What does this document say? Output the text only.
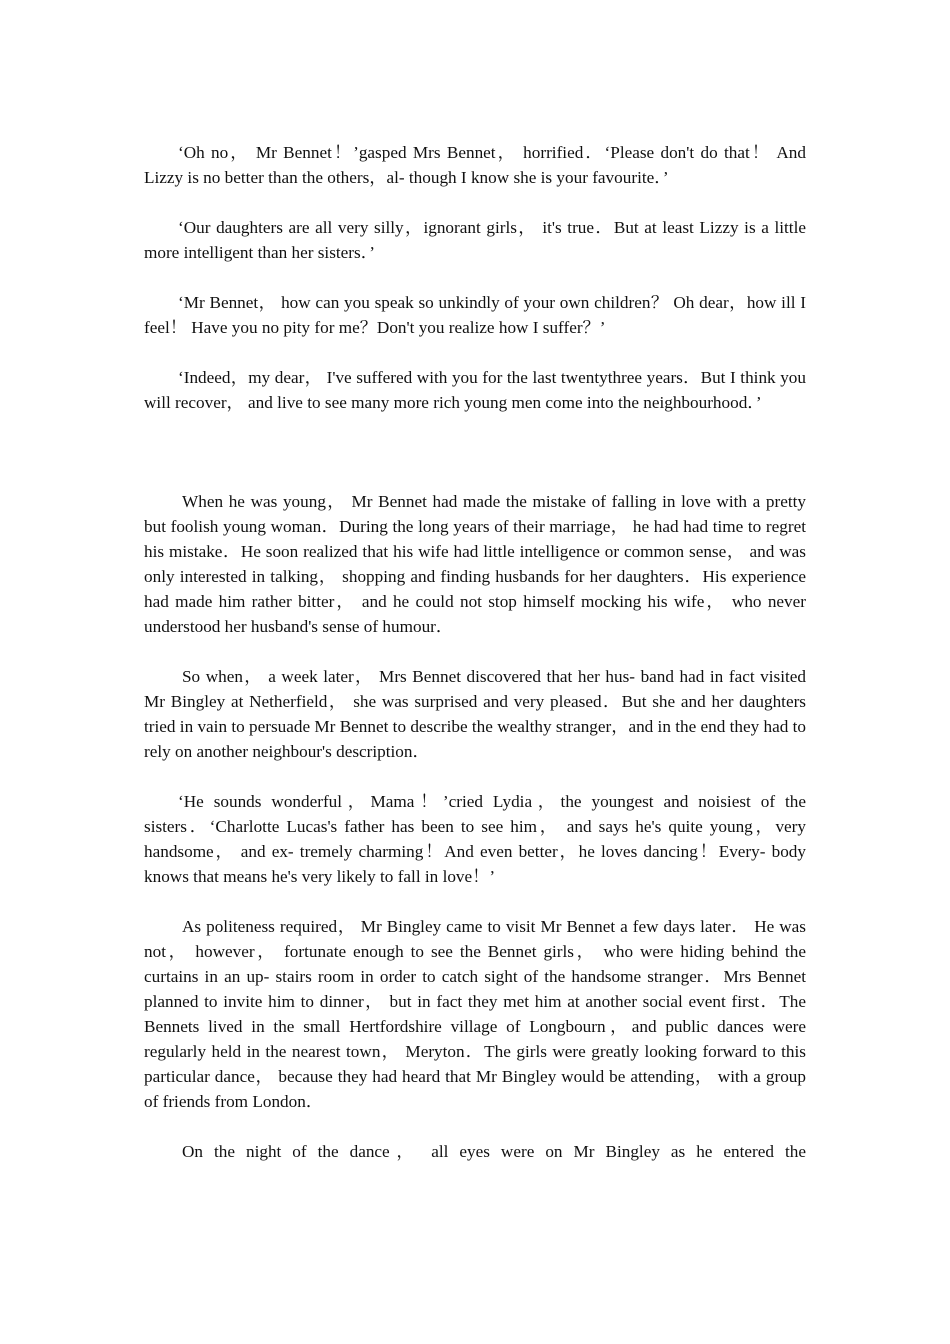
‘Oh no， Mr Bennet！’gasped Mrs Bennet， horrified．‘Please don't do that！ And Lizzy is no better than the others，al- though I know she is your favourite．’

‘Our daughters are all very silly，ignorant girls， it's true．But at least Lizzy is a little more intelligent than her sisters．’

‘Mr Bennet， how can you speak so unkindly of your own children？ Oh dear，how ill I feel！ Have you no pity for me？Don't you realize how I suffer？’

‘Indeed，my dear， I've suffered with you for the last twentythree years．But I think you will recover， and live to see many more rich young men come into the neighbourhood．’

When he was young， Mr Bennet had made the mistake of falling in love with a pretty but foolish young woman．During the long years of their marriage， he had had time to regret his mistake．He soon realized that his wife had little intelligence or common sense， and was only interested in talking， shopping and finding husbands for her daughters．His experience had made him rather bitter， and he could not stop himself mocking his wife， who never understood her husband's sense of humour．

So when， a week later， Mrs Bennet discovered that her hus- band had in fact visited Mr Bingley at Netherfield， she was surprised and very pleased．But she and her daughters tried in vain to persuade Mr Bennet to describe the wealthy stranger，and in the end they had to rely on another neighbour's description．

‘He sounds wonderful，Mama！’cried Lydia，the youngest and noisiest of the sisters．‘Charlotte Lucas's father has been to see him， and says he's quite young，very handsome， and ex- tremely charming！And even better，he loves dancing！Every- body knows that means he's very likely to fall in love！’

As politeness required， Mr Bingley came to visit Mr Bennet a few days later． He was not， however， fortunate enough to see the Bennet girls， who were hiding behind the curtains in an up- stairs room in order to catch sight of the handsome stranger．Mrs Bennet planned to invite him to dinner， but in fact they met him at another social event first．The Bennets lived in the small Hertfordshire village of Longbourn，and public dances were regularly held in the nearest town， Meryton．The girls were greatly looking forward to this particular dance， because they had heard that Mr Bingley would be attending， with a group of friends from London．

On the night of the dance， all eyes were on Mr Bingley as he entered the
